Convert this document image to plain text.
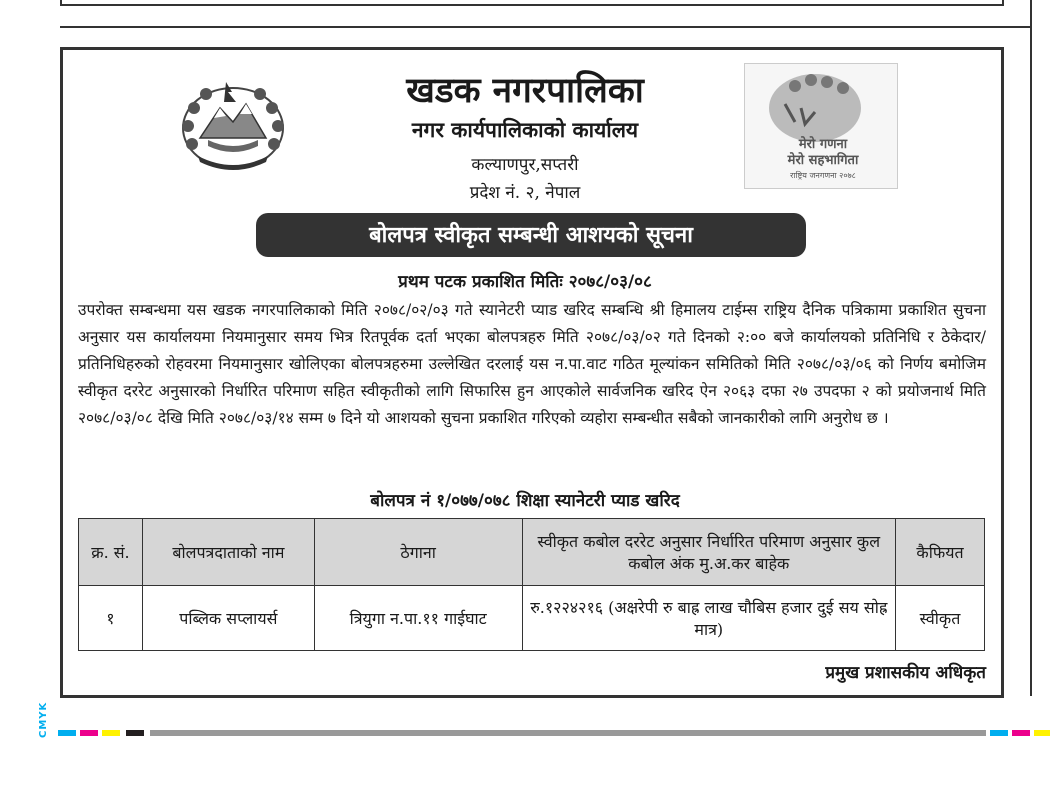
मेरो गणना
मेरो सहभागिता
राष्ट्रिय जनगणना २०७८
खडक नगरपालिका
नगर कार्यपालिकाको कार्यालय
कल्याणपुर,सप्तरी
प्रदेश नं. २, नेपाल
बोलपत्र स्वीकृत सम्बन्धी आशयको सूचना
प्रथम पटक प्रकाशित मितिः २०७८/०३/०८

उपरोक्त सम्बन्धमा यस खडक नगरपालिकाको मिति २०७८/०२/०३ गते स्यानेटरी प्याड खरिद सम्बन्धि श्री हिमालय टाईम्स राष्ट्रिय दैनिक पत्रिकामा प्रकाशित सुचना अनुसार यस कार्यालयमा नियमानुसार समय भित्र रितपूर्वक दर्ता भएका बोलपत्रहरु मिति २०७८/०३/०२ गते दिनको २:०० बजे कार्यालयको प्रतिनिधि र ठेकेदार/प्रतिनिधिहरुको रोहवरमा नियमानुसार खोलिएका बोलपत्रहरुमा उल्लेखित दरलाई यस न.पा.वाट गठित मूल्यांकन समितिको मिति २०७८/०३/०६ को निर्णय बमोजिम स्वीकृत दररेट अनुसारको निर्धारित परिमाण सहित स्वीकृतीको लागि सिफारिस हुन आएकोले सार्वजनिक खरिद ऐन २०६३ दफा २७ उपदफा २ को प्रयोजनार्थ मिति २०७८/०३/०८ देखि मिति २०७८/०३/१४ सम्म ७ दिने यो आशयको सुचना प्रकाशित गरिएको व्यहोरा सम्बन्धीत सबैको जानकारीको लागि अनुरोध छ ।

बोलपत्र नं १/०७७/०७८ शिक्षा स्यानेटरी प्याड खरिद
क्र. सं.	बोलपत्रदाताको नाम	ठेगाना	स्वीकृत कबोल दररेट अनुसार निर्धारित परिमाण अनुसार कुल कबोल अंक मु.अ.कर बाहेक	कैफियत
१	पब्लिक सप्लायर्स	त्रियुगा न.पा.११ गाईघाट	रु.१२२४२१६ (अक्षरेपी रु बाह्र लाख चौबिस हजार दुई सय सोह्र मात्र)	स्वीकृत
प्रमुख प्रशासकीय अधिकृत
CMYK
